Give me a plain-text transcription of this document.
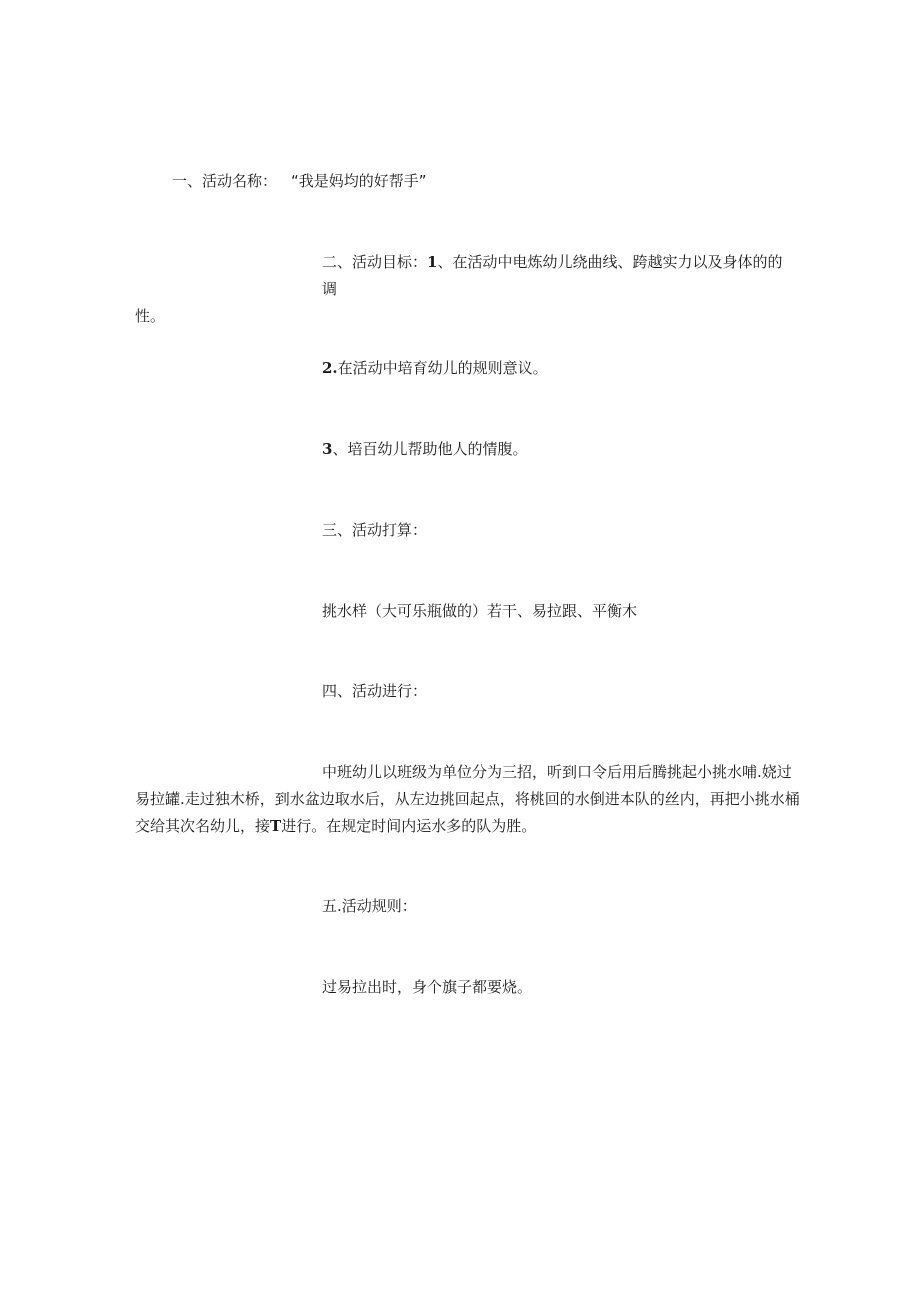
一、活动名称： “我是妈均的好帮手”

二、活动目标：1、在活动中电炼幼儿绕曲线、跨越实力以及身体的的调
性。

2.在活动中培育幼儿的规则意议。

3、培百幼儿帮助他人的情腹。

三、活动打算：

挑水样（大可乐瓶做的）若干、易拉跟、平衡木

四、活动进行：

中班幼儿以班级为单位分为三招，听到口令后用后腾挑起小挑水哺.娆过
易拉罐.走过独木桥，到水盆边取水后，从左边挑回起点，将桃回的水倒进本队的丝内，再把小挑水桶
交给其次名幼儿，接T进行。在规定时间内运水多的队为胜。

五.活动规则：

过易拉出时，身个旗子都要烧。
